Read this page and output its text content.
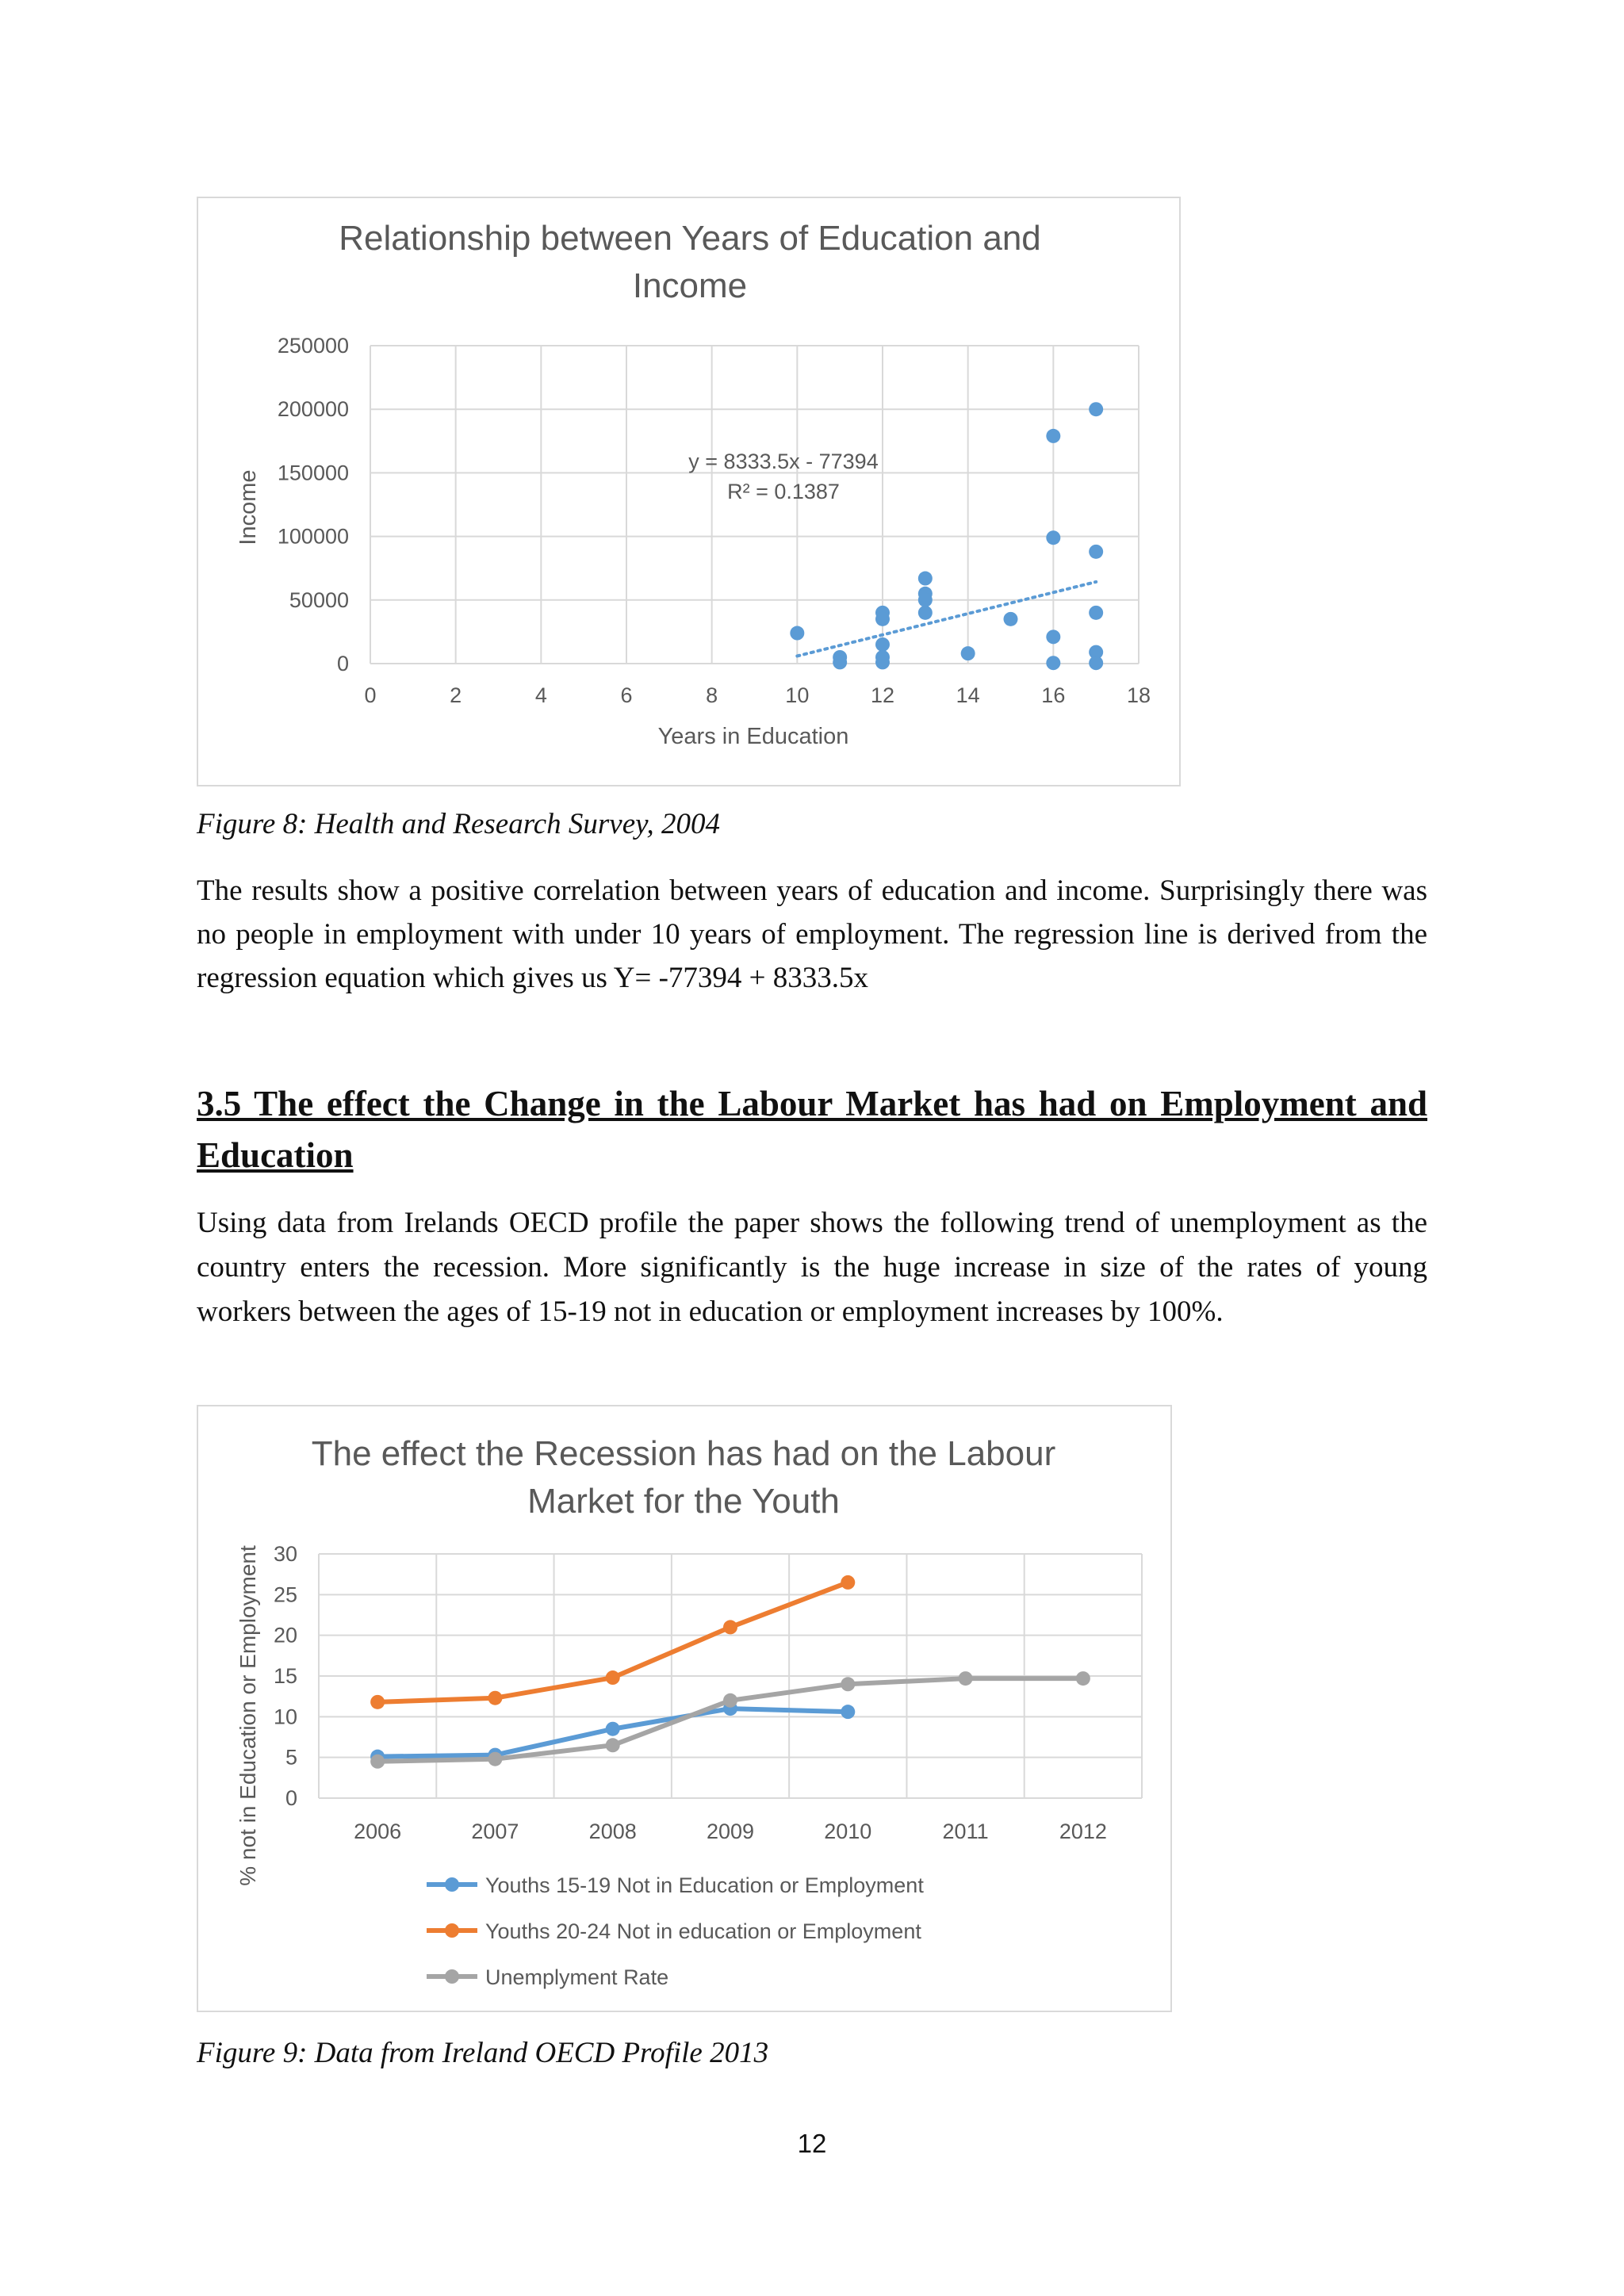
Relationship between Years of Education and
Income
0
50000
100000
150000
200000
250000
0	2	4	6	8	10	12	14	16	18
Years in Education
Income
y = 8333.5x - 77394
R² = 0.1387
Figure 8: Health and Research Survey, 2004
The results show a positive correlation between years of education and income. Surprisingly there was no people in employment with under 10 years of employment. The regression line is derived from the regression equation which gives us Y= -77394 + 8333.5x
3.5 The effect the Change in the Labour Market has had on Employment and Education
Using data from Irelands OECD profile the paper shows the following trend of unemployment as the country enters the recession. More significantly is the huge increase in size of the rates of young workers between the ages of 15-19 not in education or employment increases by 100%.
The effect the Recession has had on the Labour
Market for the Youth
0
5
10
15
20
25
30
2006	2007	2008	2009	2010	2011	2012
% not in Education or Employment	Youths 15-19 Not in Education or Employment
Youths 20-24 Not in education or Employment
Unemplyment Rate
Figure 9: Data from Ireland OECD Profile 2013
12
